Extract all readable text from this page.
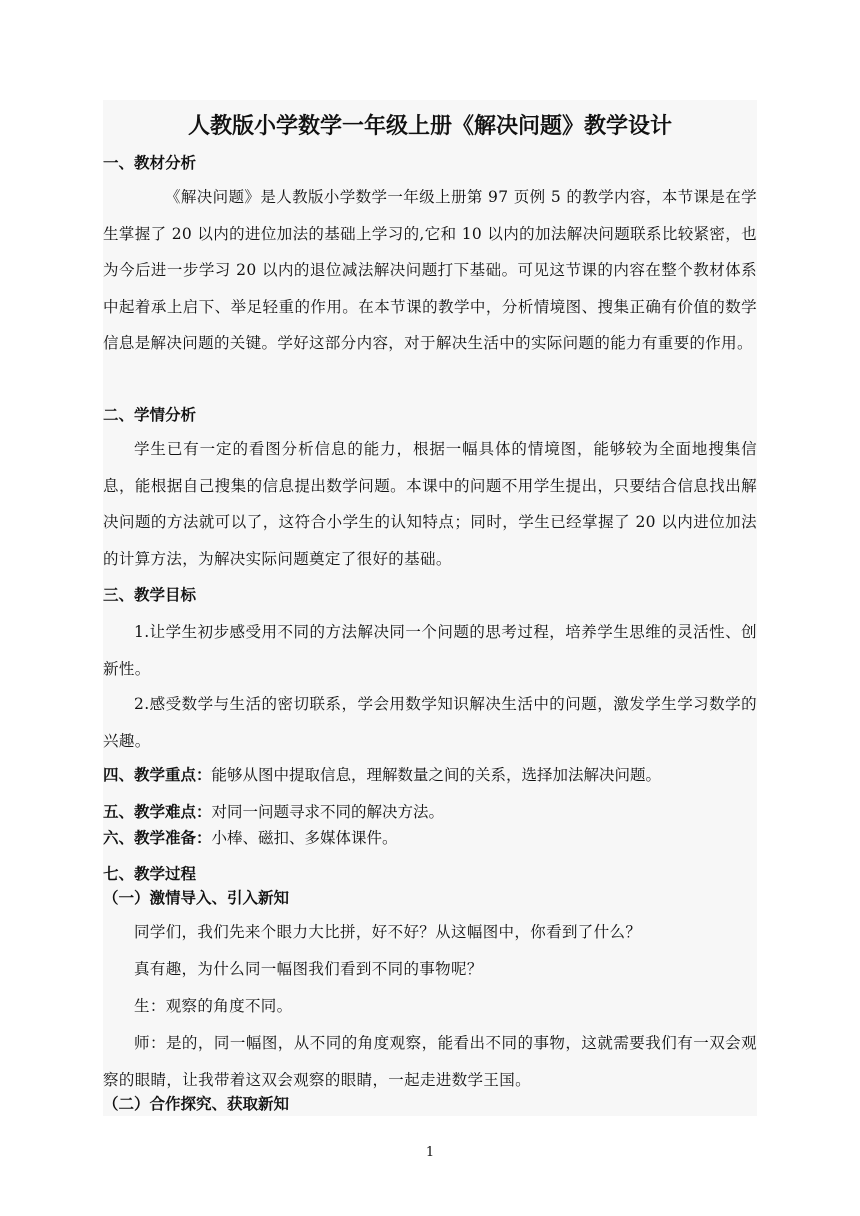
人教版小学数学一年级上册《解决问题》教学设计

一、教材分析

《解决问题》是人教版小学数学一年级上册第 97 页例 5 的教学内容，本节课是在学生掌握了 20 以内的进位加法的基础上学习的,它和 10 以内的加法解决问题联系比较紧密，也为今后进一步学习 20 以内的退位减法解决问题打下基础。可见这节课的内容在整个教材体系中起着承上启下、举足轻重的作用。在本节课的教学中，分析情境图、搜集正确有价值的数学信息是解决问题的关键。学好这部分内容，对于解决生活中的实际问题的能力有重要的作用。

二、学情分析

学生已有一定的看图分析信息的能力，根据一幅具体的情境图，能够较为全面地搜集信息，能根据自己搜集的信息提出数学问题。本课中的问题不用学生提出，只要结合信息找出解决问题的方法就可以了，这符合小学生的认知特点；同时，学生已经掌握了 20 以内进位加法的计算方法，为解决实际问题奠定了很好的基础。

三、教学目标

1.让学生初步感受用不同的方法解决同一个问题的思考过程，培养学生思维的灵活性、创新性。

2.感受数学与生活的密切联系，学会用数学知识解决生活中的问题，激发学生学习数学的兴趣。

四、教学重点：能够从图中提取信息，理解数量之间的关系，选择加法解决问题。

五、教学难点：对同一问题寻求不同的解决方法。

六、教学准备：小棒、磁扣、多媒体课件。

七、教学过程

（一）激情导入、引入新知

同学们，我们先来个眼力大比拼，好不好？从这幅图中，你看到了什么？

真有趣，为什么同一幅图我们看到不同的事物呢？

生：观察的角度不同。

师：是的，同一幅图，从不同的角度观察，能看出不同的事物，这就需要我们有一双会观察的眼睛，让我带着这双会观察的眼睛，一起走进数学王国。

（二）合作探究、获取新知

1
